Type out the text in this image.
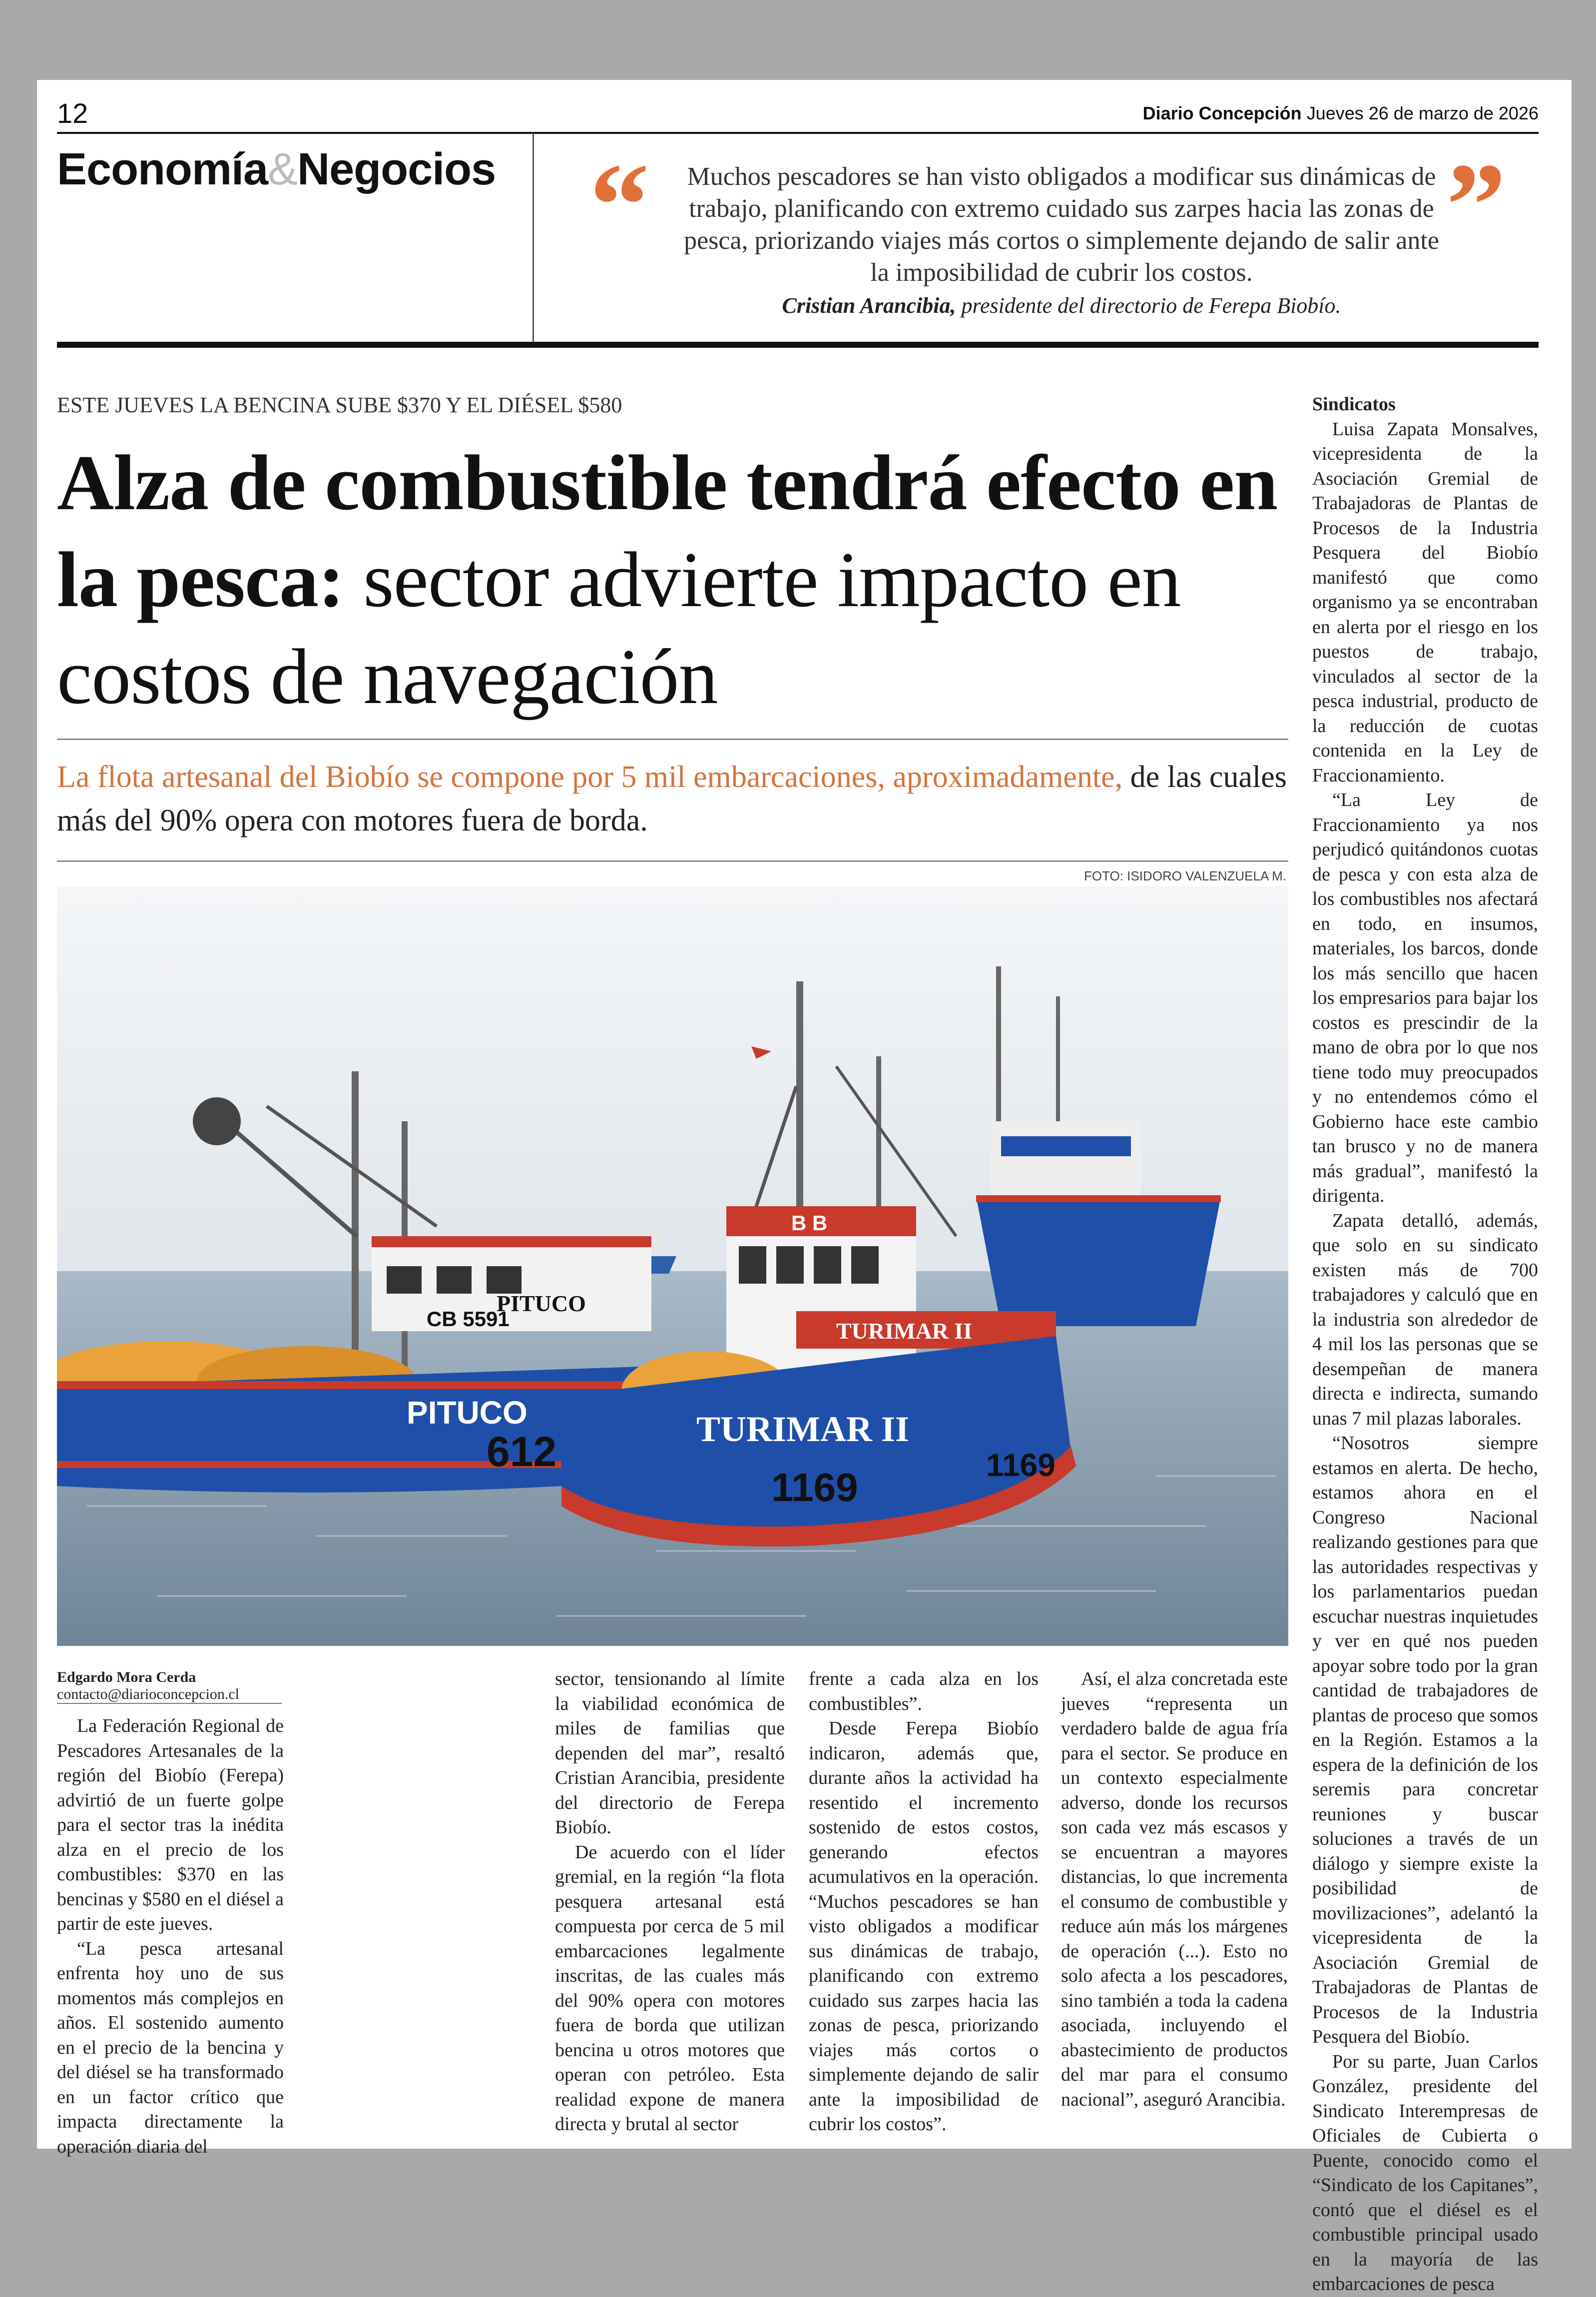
12	Diario Concepción Jueves 26 de marzo de 2026
Economía&Negocios “	”
Muchos pescadores se han visto obligados a modificar sus dinámicas de trabajo, planificando con extremo cuidado sus zarpes hacia las zonas de pesca, priorizando viajes más cortos o simplemente dejando de salir ante la imposibilidad de cubrir los costos.
Cristian Arancibia, presidente del directorio de Ferepa Biobío.
ESTE JUEVES LA BENCINA SUBE $370 Y EL DIÉSEL $580
Alza de combustible tendrá efecto en la pesca: sector advierte impacto en costos de navegación
La flota artesanal del Biobío se compone por 5 mil embarcaciones, aproximadamente, de las cuales más del 90% opera con motores fuera de borda.
FOTO: ISIDORO VALENZUELA M.
CB 5591
PITUCO
PITUCO
612
B B
TURIMAR II
TURIMAR II
1169	1169
Edgardo Mora Cerda
contacto@diarioconcepcion.cl

La Federación Regional de Pescadores Artesanales de la región del Biobío (Ferepa) advirtió de un fuerte golpe para el sector tras la inédita alza en el precio de los combustibles: $370 en las bencinas y $580 en el diésel a partir de este jueves.

“La pesca artesanal enfrenta hoy uno de sus momentos más complejos en años. El sostenido aumento en el precio de la bencina y del diésel se ha transformado en un factor crítico que impacta directamente la operación diaria del

sector, tensionando al límite la viabilidad económica de miles de familias que dependen del mar”, resaltó Cristian Arancibia, presidente del directorio de Ferepa Biobío.

De acuerdo con el líder gremial, en la región “la flota pesquera artesanal está compuesta por cerca de 5 mil embarcaciones legalmente inscritas, de las cuales más del 90% opera con motores fuera de borda que utilizan bencina u otros motores que operan con petróleo. Esta realidad expone de manera directa y brutal al sector

frente a cada alza en los combustibles”.

Desde Ferepa Biobío indicaron, además que, durante años la actividad ha resentido el incremento sostenido de estos costos, generando efectos acumulativos en la operación. “Muchos pescadores se han visto obligados a modificar sus dinámicas de trabajo, planificando con extremo cuidado sus zarpes hacia las zonas de pesca, priorizando viajes más cortos o simplemente dejando de salir ante la imposibilidad de cubrir los costos”.

Así, el alza concretada este jueves “representa un verdadero balde de agua fría para el sector. Se produce en un contexto especialmente adverso, donde los recursos son cada vez más escasos y se encuentran a mayores distancias, lo que incrementa el consumo de combustible y reduce aún más los márgenes de operación (...). Esto no solo afecta a los pescadores, sino también a toda la cadena asociada, incluyendo el abastecimiento de productos del mar para el consumo nacional”, aseguró Arancibia.

Sindicatos

Luisa Zapata Monsalves, vicepresidenta de la Asociación Gremial de Trabajadoras de Plantas de Procesos de la Industria Pesquera del Biobío manifestó que como organismo ya se encontraban en alerta por el riesgo en los puestos de trabajo, vinculados al sector de la pesca industrial, producto de la reducción de cuotas contenida en la Ley de Fraccionamiento.

“La Ley de Fraccionamiento ya nos perjudicó quitándonos cuotas de pesca y con esta alza de los combustibles nos afectará en todo, en insumos, materiales, los barcos, donde los más sencillo que hacen los empresarios para bajar los costos es prescindir de la mano de obra por lo que nos tiene todo muy preocupados y no entendemos cómo el Gobierno hace este cambio tan brusco y no de manera más gradual”, manifestó la dirigenta.

Zapata detalló, además, que solo en su sindicato existen más de 700 trabajadores y calculó que en la industria son alrededor de 4 mil los las personas que se desempeñan de manera directa e indirecta, sumando unas 7 mil plazas laborales.

“Nosotros siempre estamos en alerta. De hecho, estamos ahora en el Congreso Nacional realizando gestiones para que las autoridades respectivas y los parlamentarios puedan escuchar nuestras inquietudes y ver en qué nos pueden apoyar sobre todo por la gran cantidad de trabajadores de plantas de proceso que somos en la Región. Estamos a la espera de la definición de los seremis para concretar reuniones y buscar soluciones a través de un diálogo y siempre existe la posibilidad de movilizaciones”, adelantó la vicepresidenta de la Asociación Gremial de Trabajadoras de Plantas de Procesos de la Industria Pesquera del Biobío.

Por su parte, Juan Carlos González, presidente del Sindicato Interempresas de Oficiales de Cubierta o Puente, conocido como el “Sindicato de los Capitanes”, contó que el diésel es el combustible principal usado en la mayoría de las embarcaciones de pesca
